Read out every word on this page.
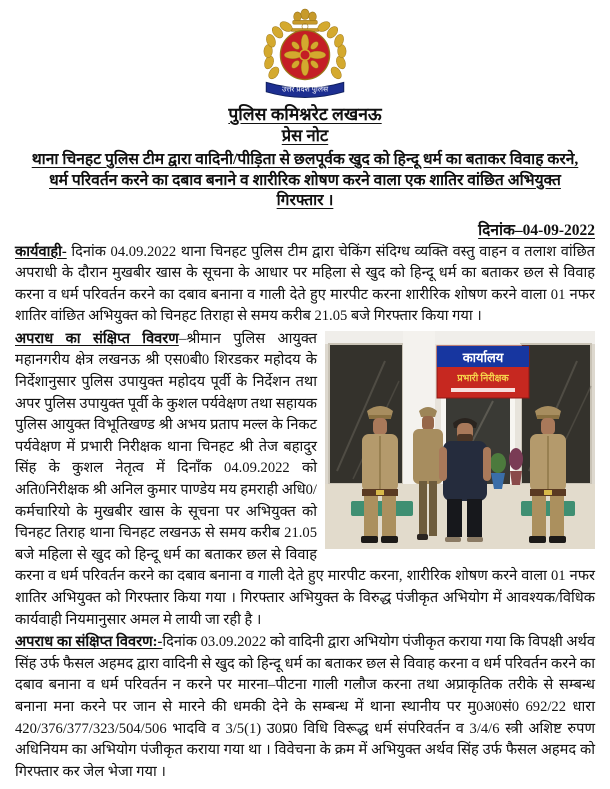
उत्तर प्रदेश पुलिस
पुलिस कमिश्नरेट लखनऊ
प्रेस नोट
थाना चिनहट पुलिस टीम द्वारा वादिनी/पीड़िता से छलपूर्वक खुद को हिन्दू धर्म का बताकर विवाह करने,
धर्म परिवर्तन करने का दबाव बनाने व शारीरिक शोषण करने वाला एक शातिर वांछित अभियुक्त
गिरफ्तार ।
दिनांक–04-09-2022

कार्यवाही- दिनांक 04.09.2022 थाना चिनहट पुलिस टीम द्वारा चेकिंग संदिग्ध व्यक्ति वस्तु वाहन व तलाश वांछित अपराधी के दौरान मुखबीर खास के सूचना के आधार पर महिला से खुद को हिन्दू धर्म का बताकर छल से विवाह करना व धर्म परिवर्तन करने का दबाव बनाना व गाली देते हुए मारपीट करना शारीरिक शोषण करने वाला 01 नफर शातिर वांछित अभियुक्त को चिनहट तिराहा से समय करीब 21.05 बजे गिरफ्तार किया गया ।

कार्यालय
प्रभारी निरीक्षक
अपराध का संक्षिप्त विवरण–श्रीमान पुलिस आयुक्त महानगरीय क्षेत्र लखनऊ श्री एस0बी0 शिरडकर महोदय के निर्देशानुसार पुलिस उपायुक्त महोदय पूर्वी के निर्देशन तथा अपर पुलिस उपायुक्त पूर्वी के कुशल पर्यवेक्षण तथा सहायक पुलिस आयुक्त विभूतिखण्ड श्री अभय प्रताप मल्ल के निकट पर्यवेक्षण में प्रभारी निरीक्षक थाना चिनहट श्री तेज बहादुर सिंह के कुशल नेतृत्व में दिनाँक 04.09.2022 को अति0निरीक्षक श्री अनिल कुमार पाण्डेय मय हमराही अधि0/कर्मचारियो के मुखबीर खास के सूचना पर अभियुक्त को चिनहट तिराह थाना चिनहट लखनऊ से समय करीब 21.05 बजे महिला से खुद को हिन्दू धर्म का बताकर छल से विवाह करना व धर्म परिवर्तन करने का दबाव बनाना व गाली देते हुए मारपीट करना, शारीरिक शोषण करने वाला 01 नफर शातिर अभियुक्त को गिरफ्तार किया गया । गिरफ्तार अभियुक्त के विरुद्ध पंजीकृत अभियोग में आवश्यक/विधिक कार्यवाही नियमानुसार अमल मे लायी जा रही है ।

अपराध का संक्षिप्त विवरण:-दिनांक 03.09.2022 को वादिनी द्वारा अभियोग पंजीकृत कराया गया कि विपक्षी अर्थव सिंह उर्फ फैसल अहमद द्वारा वादिनी से खुद को हिन्दू धर्म का बताकर छल से विवाह करना व धर्म परिवर्तन करने का दबाव बनाना व धर्म परिवर्तन न करने पर मारना–पीटना गाली गलौज करना तथा अप्राकृतिक तरीके से सम्बन्ध बनाना मना करने पर जान से मारने की धमकी देने के सम्बन्ध में थाना स्थानीय पर मु0अ0सं0 692/22 धारा 420/376/377/323/504/506 भादवि व 3/5(1) उ0प्र0 विधि विरूद्ध धर्म संपरिवर्तन व 3/4/6 स्त्री अशिष्ट रुपण अधिनियम का अभियोग पंजीकृत कराया गया था । विवेचना के क्रम में अभियुक्त अर्थव सिंह उर्फ फैसल अहमद को गिरफ्तार कर जेल भेजा गया ।
